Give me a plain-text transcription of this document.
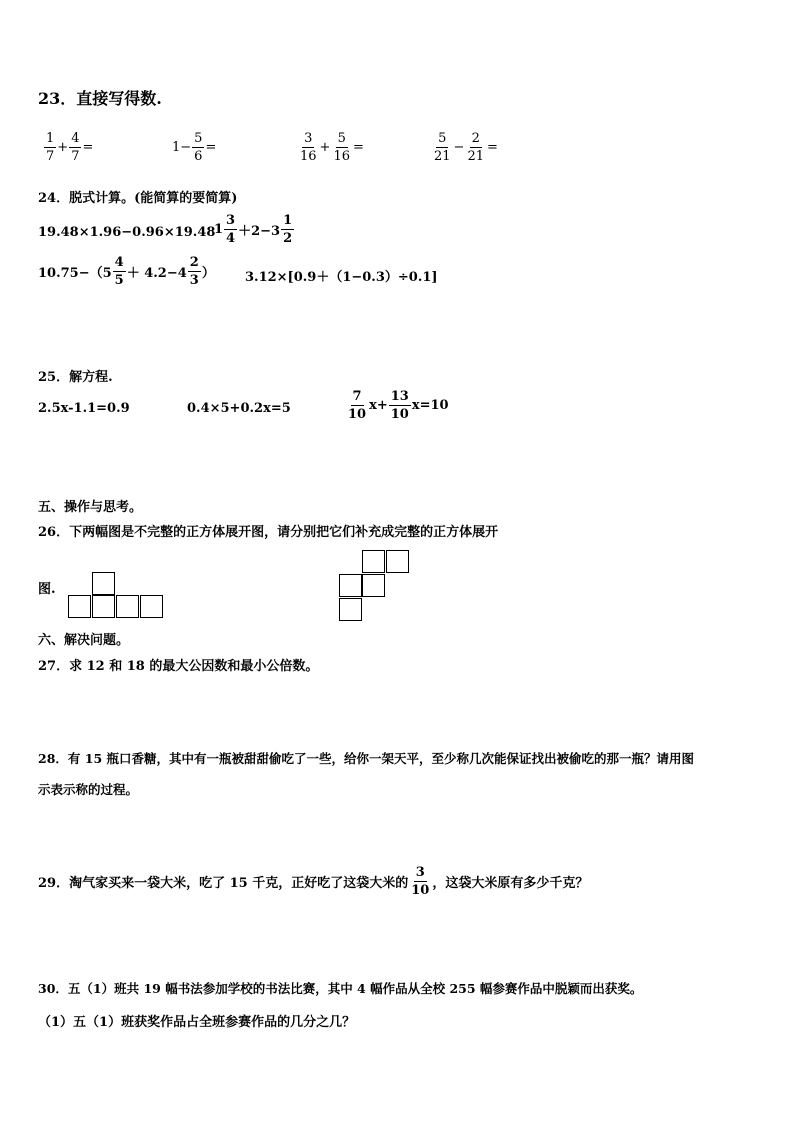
23．直接写得数.
$\frac{1}{7} + \frac{4}{7}$ =	$1- \frac{5}{6}$ =	$\frac{3}{16} + \frac{5}{16}$ =	$\frac{5}{21} - \frac{2}{21}$ =
24．脱式计算。(能简算的要简算)
19.48×1.96−0.96×19.48
$1 \frac{3}{4} +2-3 \frac{1}{2}$
$10.75-(5 \frac{4}{5} + 4.2-4 \frac{2}{3}$ ） 3.12×[0.9＋（1−0.3）÷0.1]
25．解方程.
2.5x-1.1=0.9	0.4×5+0.2x=5	$\frac{7}{10} x+ \frac{13}{10} x=10$
五、操作与思考。
26．下两幅图是不完整的正方体展开图，请分别把它们补充成完整的正方体展开
图.
六、解决问题。
27．求 12 和 18 的最大公因数和最小公倍数。
28．有 15 瓶口香糖，其中有一瓶被甜甜偷吃了一些，给你一架天平，至少称几次能保证找出被偷吃的那一瓶？请用图
示表示称的过程。
29．淘气家买来一袋大米，吃了 15 千克，正好吃了这袋大米的 $\frac{3}{10}$ ，这袋大米原有多少千克？
30．五（1）班共 19 幅书法参加学校的书法比赛，其中 4 幅作品从全校 255 幅参赛作品中脱颖而出获奖。
（1）五（1）班获奖作品占全班参赛作品的几分之几？
